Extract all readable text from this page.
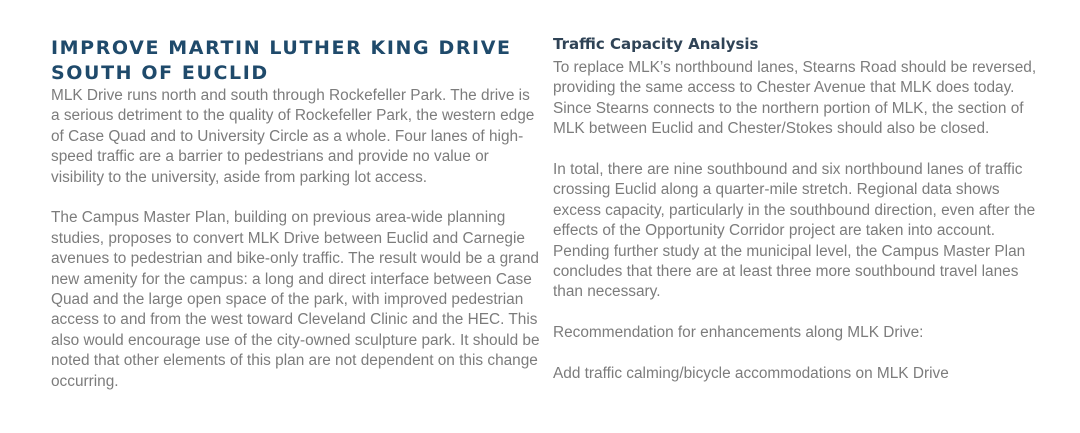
IMPROVE MARTIN LUTHER KING DRIVE SOUTH OF EUCLID

MLK Drive runs north and south through Rockefeller Park. The drive is a serious detriment to the quality of Rockefeller Park, the western edge of Case Quad and to University Circle as a whole. Four lanes of high-speed traffic are a barrier to pedestrians and provide no value or visibility to the university, aside from parking lot access.

The Campus Master Plan, building on previous area-wide planning studies, proposes to convert MLK Drive between Euclid and Carnegie avenues to pedestrian and bike-only traffic. The result would be a grand new amenity for the campus: a long and direct interface between Case Quad and the large open space of the park, with improved pedestrian access to and from the west toward Cleveland Clinic and the HEC. This also would encourage use of the city-owned sculpture park. It should be noted that other elements of this plan are not dependent on this change occurring.

Traffic Capacity Analysis

To replace MLK’s northbound lanes, Stearns Road should be reversed, providing the same access to Chester Avenue that MLK does today. Since Stearns connects to the northern portion of MLK, the section of MLK between Euclid and Chester/Stokes should also be closed.

In total, there are nine southbound and six northbound lanes of traffic crossing Euclid along a quarter-mile stretch. Regional data shows excess capacity, particularly in the southbound direction, even after the effects of the Opportunity Corridor project are taken into account. Pending further study at the municipal level, the Campus Master Plan concludes that there are at least three more southbound travel lanes than necessary.

Recommendation for enhancements along MLK Drive:

Add traffic calming/bicycle accommodations on MLK Drive
